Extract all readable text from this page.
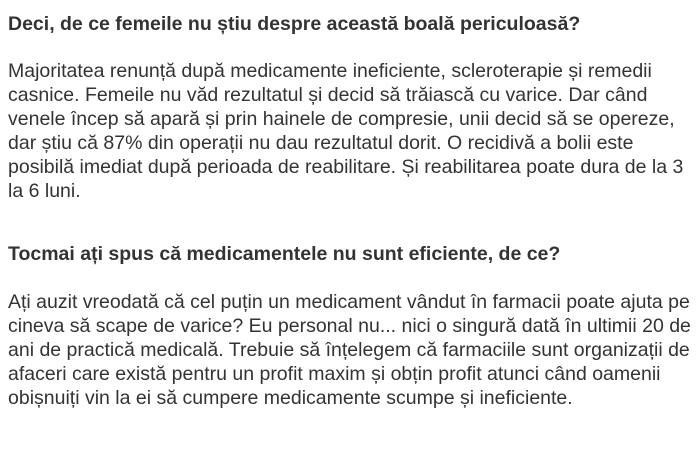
Deci, de ce femeile nu știu despre această boală periculoasă?

Majoritatea renunță după medicamente ineficiente, scleroterapie și remedii casnice. Femeile nu văd rezultatul și decid să trăiască cu varice. Dar când venele încep să apară și prin hainele de compresie, unii decid să se opereze, dar știu că 87% din operații nu dau rezultatul dorit. O recidivă a bolii este posibilă imediat după perioada de reabilitare. Și reabilitarea poate dura de la 3 la 6 luni.

Tocmai ați spus că medicamentele nu sunt eficiente, de ce?

Ați auzit vreodată că cel puțin un medicament vândut în farmacii poate ajuta pe cineva să scape de varice? Eu personal nu... nici o singură dată în ultimii 20 de ani de practică medicală. Trebuie să înțelegem că farmaciile sunt organizații de afaceri care există pentru un profit maxim și obțin profit atunci când oamenii obișnuiți vin la ei să cumpere medicamente scumpe și ineficiente.
